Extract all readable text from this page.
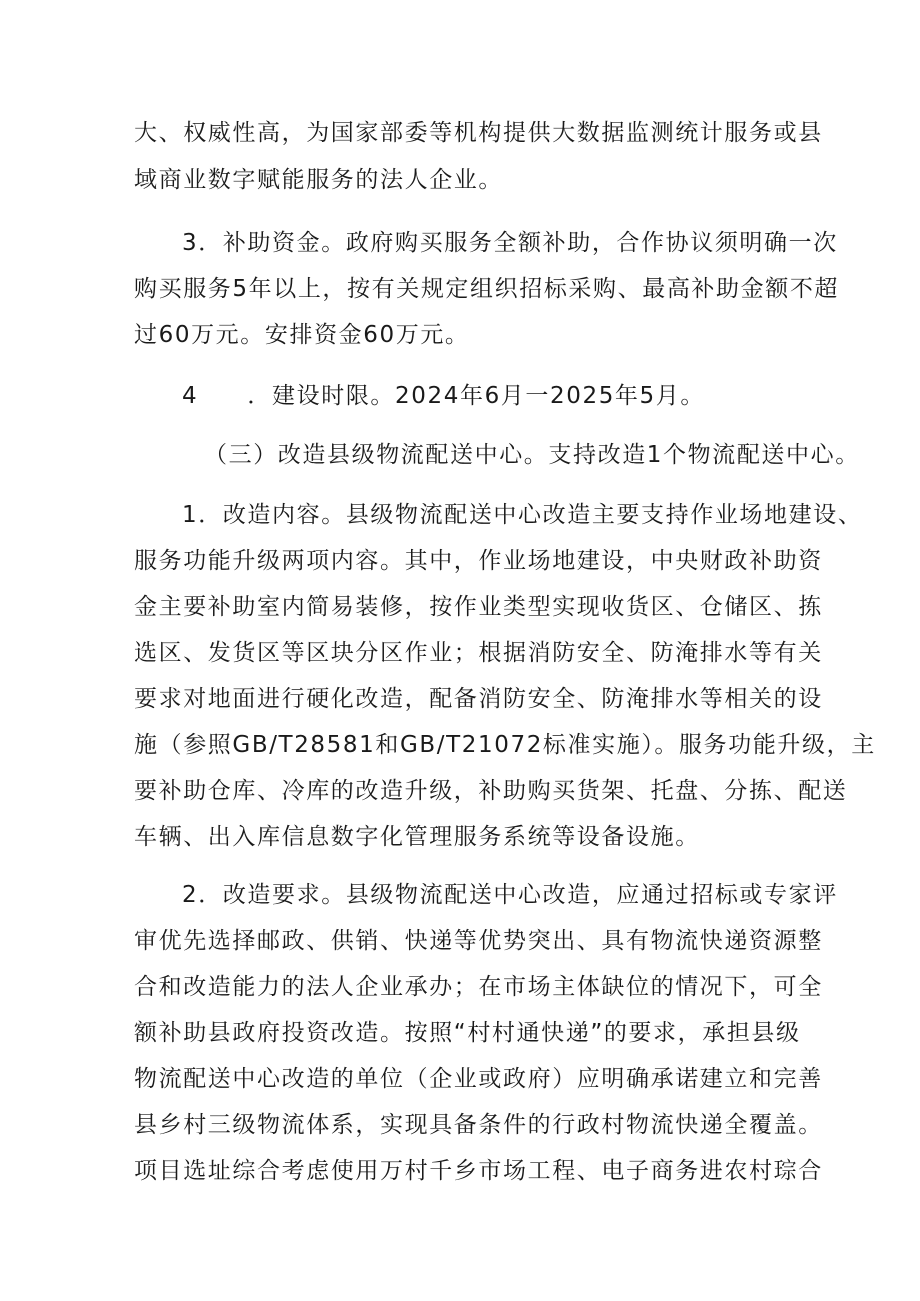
大、权威性高，为国家部委等机构提供大数据监测统计服务或县
域商业数字赋能服务的法人企业。
3．补助资金。政府购买服务全额补助，合作协议须明确一次
购买服务5年以上，按有关规定组织招标采购、最高补助金额不超
过60万元。安排资金60万元。
4　　．建设时限。2024年6月一2025年5月。
（三）改造县级物流配送中心。支持改造1个物流配送中心。
1．改造内容。县级物流配送中心改造主要支持作业场地建设、
服务功能升级两项内容。其中，作业场地建设，中央财政补助资
金主要补助室内简易装修，按作业类型实现收货区、仓储区、拣
选区、发货区等区块分区作业；根据消防安全、防淹排水等有关
要求对地面进行硬化改造，配备消防安全、防淹排水等相关的设
施（参照GB/T28581和GB/T21072标准实施）。服务功能升级，主
要补助仓库、冷库的改造升级，补助购买货架、托盘、分拣、配送
车辆、出入库信息数字化管理服务系统等设备设施。
2．改造要求。县级物流配送中心改造，应通过招标或专家评
审优先选择邮政、供销、快递等优势突出、具有物流快递资源整
合和改造能力的法人企业承办；在市场主体缺位的情况下，可全
额补助县政府投资改造。按照“村村通快递”的要求，承担县级
物流配送中心改造的单位（企业或政府）应明确承诺建立和完善
县乡村三级物流体系，实现具备条件的行政村物流快递全覆盖。
项目选址综合考虑使用万村千乡市场工程、电子商务进农村琮合
